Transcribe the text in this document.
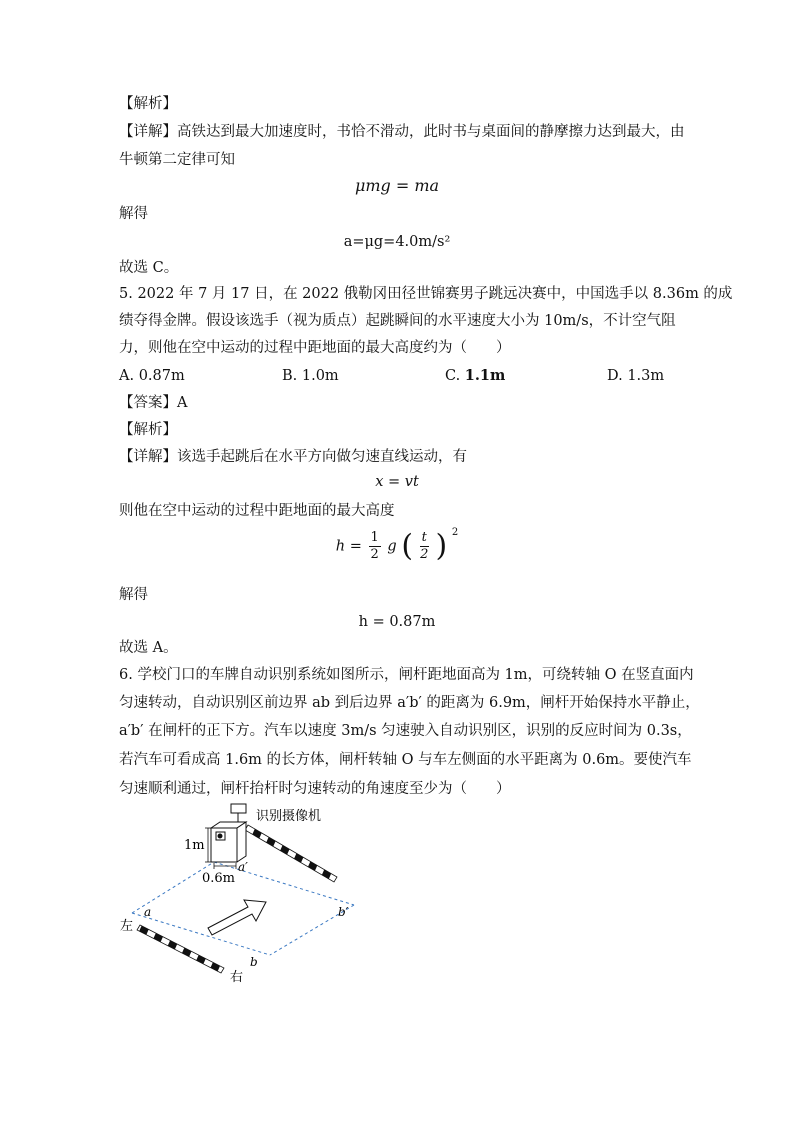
【解析】
【详解】高铁达到最大加速度时，书恰不滑动，此时书与桌面间的静摩擦力达到最大，由
牛顿第二定律可知
μmg = ma
解得
a=μg=4.0m/s²
故选 C。
5. 2022 年 7 月 17 日，在 2022 俄勒冈田径世锦赛男子跳远决赛中，中国选手以 8.36m 的成
绩夺得金牌。假设该选手（视为质点）起跳瞬间的水平速度大小为 10m/s，不计空气阻
力，则他在空中运动的过程中距地面的最大高度约为（　　）
A. 0.87m	B. 1.0m	C. 1.1m	D. 1.3m
【答案】A
【解析】
【详解】该选手起跳后在水平方向做匀速直线运动，有
x = vt
则他在空中运动的过程中距地面的最大高度
$h = \frac{1}{2}$ g ( $\frac{t}{2}$ ) $^2$
解得
h = 0.87m
故选 A。
6. 学校门口的车牌自动识别系统如图所示，闸杆距地面高为 1m，可绕转轴 O 在竖直面内
匀速转动，自动识别区前边界 ab 到后边界 a′b′ 的距离为 6.9m，闸杆开始保持水平静止，
a′b′ 在闸杆的正下方。汽车以速度 3m/s 匀速驶入自动识别区，识别的反应时间为 0.3s，
若汽车可看成高 1.6m 的长方体，闸杆转轴 O 与车左侧面的水平距离为 0.6m。要使汽车
匀速顺利通过，闸杆抬杆时匀速转动的角速度至少为（　　）
识别摄像机
1m
0.6m
a′
b′
a
b
左
右
